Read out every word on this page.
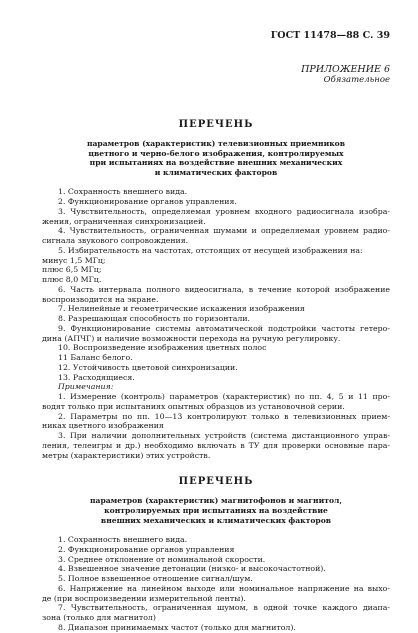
ГОСТ 11478—88 С. 39
ПРИЛОЖЕНИЕ 6
Обязательное
ПЕРЕЧЕНЬ
параметров (характеристик) телевизионных приемников
цветного и черно-белого изображения, контролируемых
при испытаниях на воздействие внешних механических
и климатических факторов
1. Сохранность внешнего вида.
2. Функционирование органов управления.
3. Чувствительность, определяемая уровнем входного радиосигнала изобра-
жения, ограниченная синхронизацией.
4. Чувствительность, ограниченная шумами и определяемая уровнем радио-
сигнала звукового сопровождения.
5. Избирательность на частотах, отстоящих от несущей изображения на:
минус 1,5 МГц;
плюс 6,5 МГц;
плюс 8,0 МГц.
6. Часть интервала полного видеосигнала, в течение которой изображение
воспроизводится на экране.
7. Нелинейные и геометрические искажения изображения
8. Разрешающая способность по горизонтали.
9. Функционирование системы автоматической подстройки частоты гетеро-
дина (АПЧГ) и наличие возможности перехода на ручную регулировку.
10. Воспроизведение изображения цветных полос
11 Баланс белого.
12. Устойчивость цветовой синхронизации.
13. Расходящиеся.
Примечания:
1. Измерение (контроль) параметров (характеристик) по пп. 4, 5 и 11 про-
водят только при испытаниях опытных образцов из установочной серии.
2. Параметры по пп. 10—13 контролируют только в телевизионных прием-
никах цветного изображения
3. При наличии дополнительных устройств (система дистанционного управ-
ления, телеигры и др.) необходимо включать в ТУ для проверки основные пара-
метры (характеристики) этих устройств.
ПЕРЕЧЕНЬ
параметров (характеристик) магнитофонов и магнитол,
контролируемых при испытаниях на воздействие
внешних механических и климатических факторов
1. Сохранность внешнего вида.
2. Функционирование органов управления
3. Среднее отклонение от номинальной скорости.
4. Взвешенное значение детонации (низко- и высокочастотной).
5. Полное взвешенное отношение сигнал/шум.
6. Напряжение на линейном выходе или номинальное напряжение на выхо-
де (при воспроизведении измерительной ленты).
7. Чувствительность, ограниченная шумом, в одной точке каждого диапа-
зона (только для магнитол)
8. Диапазон принимаемых частот (только для магнитол).
